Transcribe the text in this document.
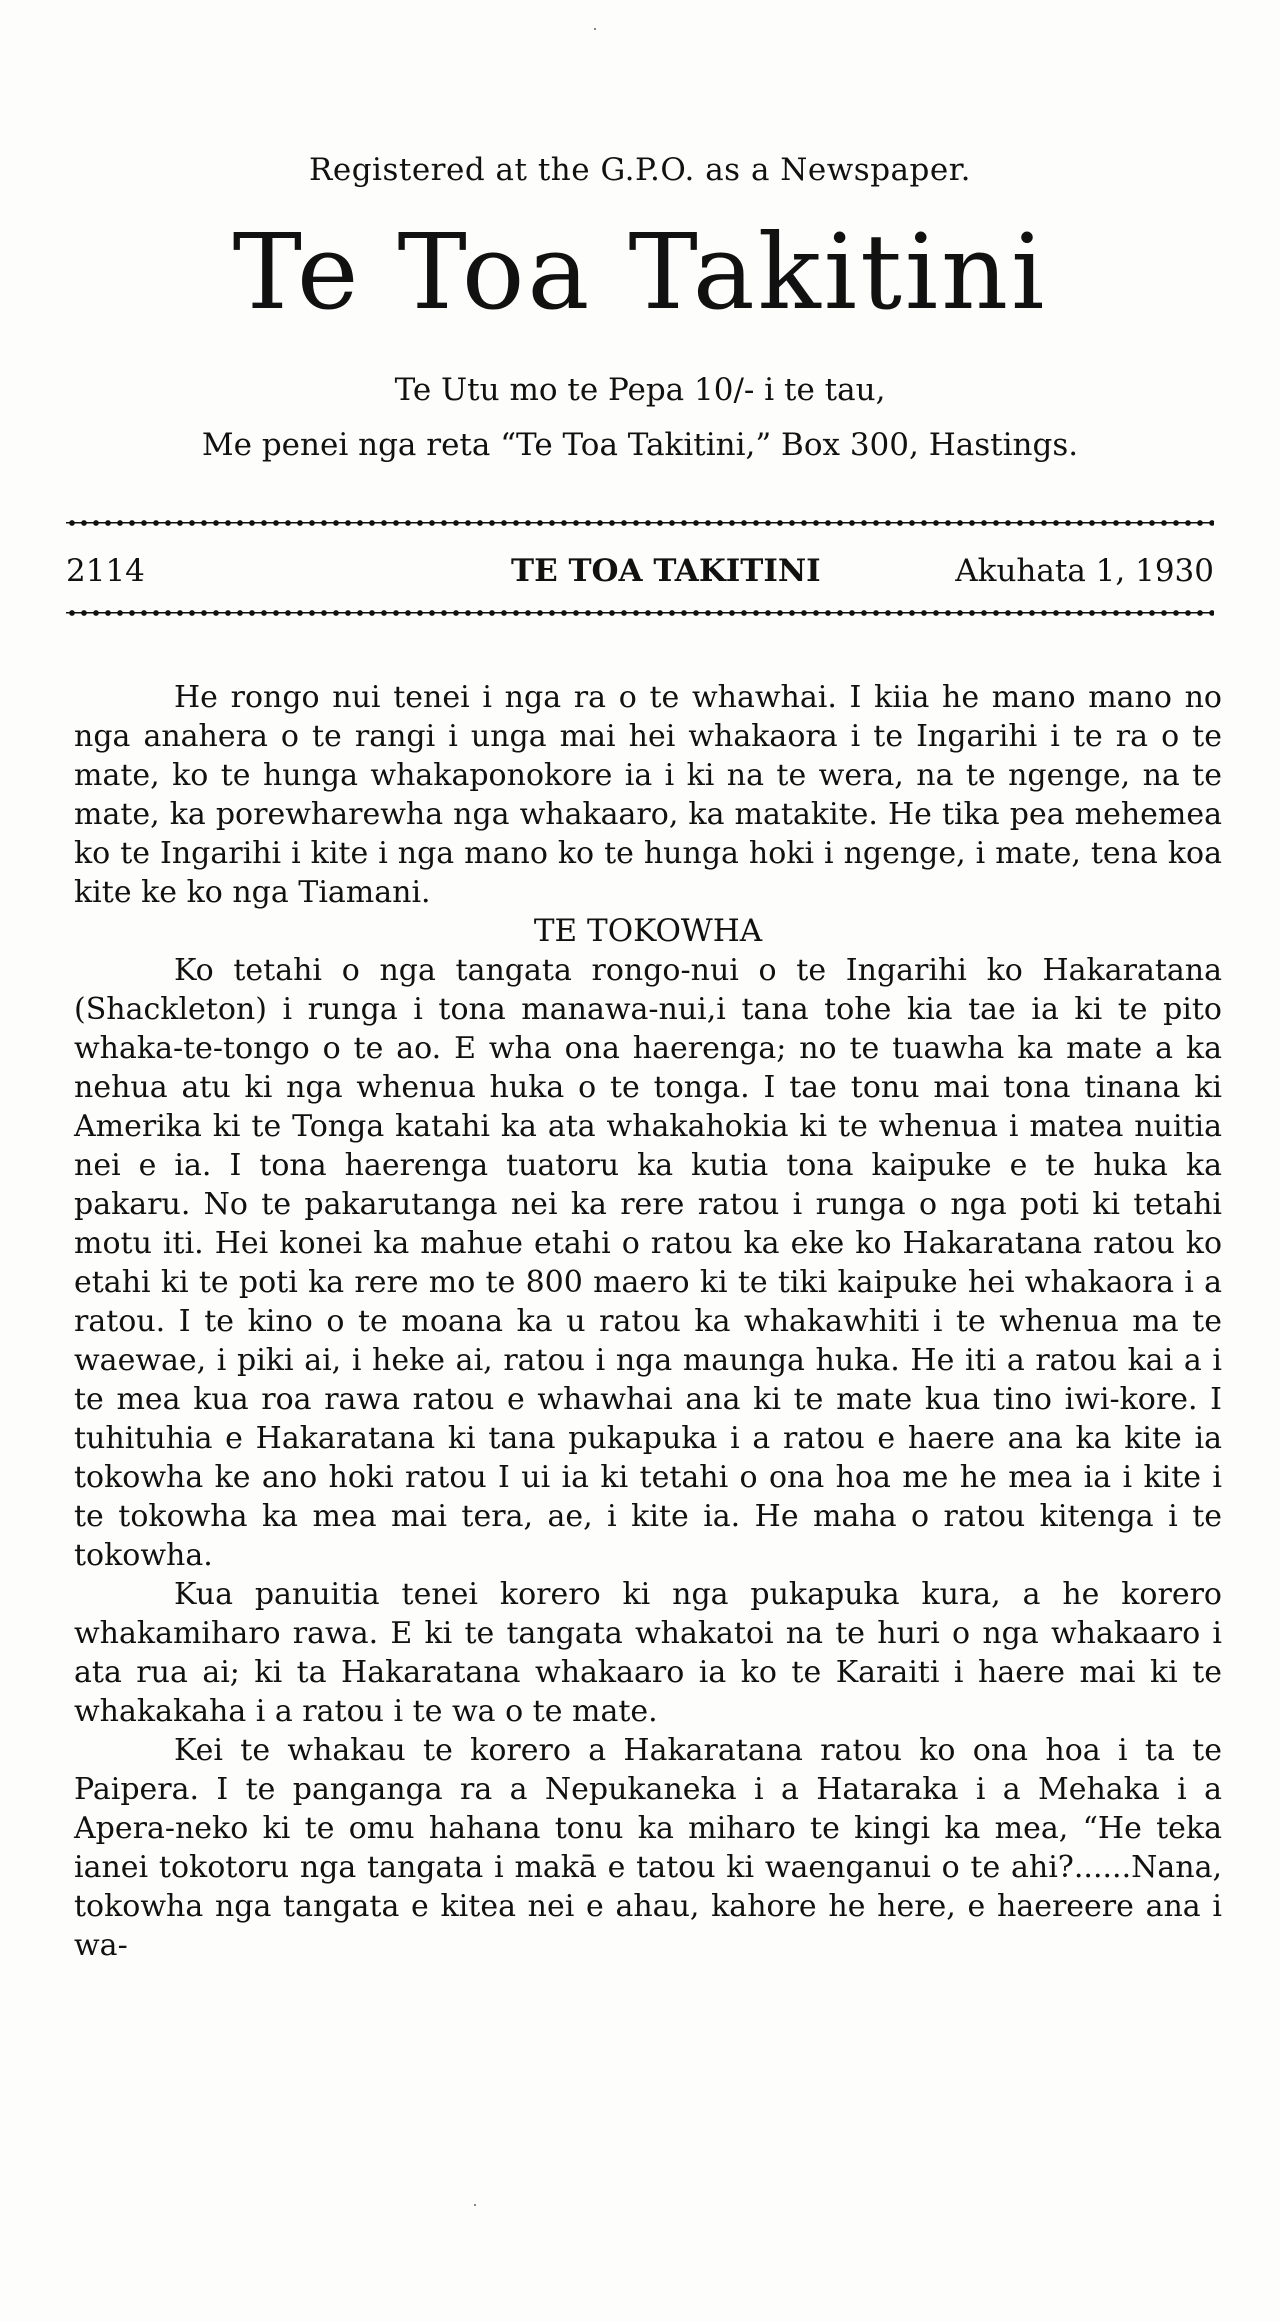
Registered at the G.P.O. as a Newspaper.
Te Toa Takitini
Te Utu mo te Pepa 10/- i te tau,
Me penei nga reta “Te Toa Takitini,” Box 300, Hastings.
2114	TE TOA TAKITINI	Akuhata 1, 1930

He rongo nui tenei i nga ra o te whawhai. I kiia he mano mano no nga anahera o te rangi i unga mai hei whakaora i te Ingarihi i te ra o te mate, ko te hunga whakaponokore ia i ki na te wera, na te ngenge, na te mate, ka porewharewha nga whakaaro, ka matakite. He tika pea mehemea ko te Ingarihi i kite i nga mano ko te hunga hoki i ngenge, i mate, tena koa kite ke ko nga Tiamani.

TE TOKOWHA

Ko tetahi o nga tangata rongo-nui o te Ingarihi ko Hakaratana (Shackleton) i runga i tona manawa-nui,i tana tohe kia tae ia ki te pito whaka-te-tongo o te ao. E wha ona haerenga; no te tuawha ka mate a ka nehua atu ki nga whenua huka o te tonga. I tae tonu mai tona tinana ki Amerika ki te Tonga katahi ka ata whakahokia ki te whenua i matea nuitia nei e ia. I tona haerenga tuatoru ka kutia tona kaipuke e te huka ka pakaru. No te pakarutanga nei ka rere ratou i runga o nga poti ki tetahi motu iti. Hei konei ka mahue etahi o ratou ka eke ko Hakaratana ratou ko etahi ki te poti ka rere mo te 800 maero ki te tiki kaipuke hei whakaora i a ratou. I te kino o te moana ka u ratou ka whakawhiti i te whenua ma te waewae, i piki ai, i heke ai, ratou i nga maunga huka. He iti a ratou kai a i te mea kua roa rawa ratou e whawhai ana ki te mate kua tino iwi-kore. I tuhituhia e Hakaratana ki tana pukapuka i a ratou e haere ana ka kite ia tokowha ke ano hoki ratou I ui ia ki tetahi o ona hoa me he mea ia i kite i te tokowha ka mea mai tera, ae, i kite ia. He maha o ratou kitenga i te tokowha.

Kua panuitia tenei korero ki nga pukapuka kura, a he korero whakamiharo rawa. E ki te tangata whakatoi na te huri o nga whakaaro i ata rua ai; ki ta Hakaratana whakaaro ia ko te Karaiti i haere mai ki te whakakaha i a ratou i te wa o te mate.

Kei te whakau te korero a Hakaratana ratou ko ona hoa i ta te Paipera. I te panganga ra a Nepukaneka i a Hataraka i a Mehaka i a Apera-neko ki te omu hahana tonu ka miharo te kingi ka mea, “He teka ianei tokotoru nga tangata i makā e tatou ki waenganui o te ahi?......Nana, tokowha nga tangata e kitea nei e ahau, kahore he here, e haereere ana i wa-
